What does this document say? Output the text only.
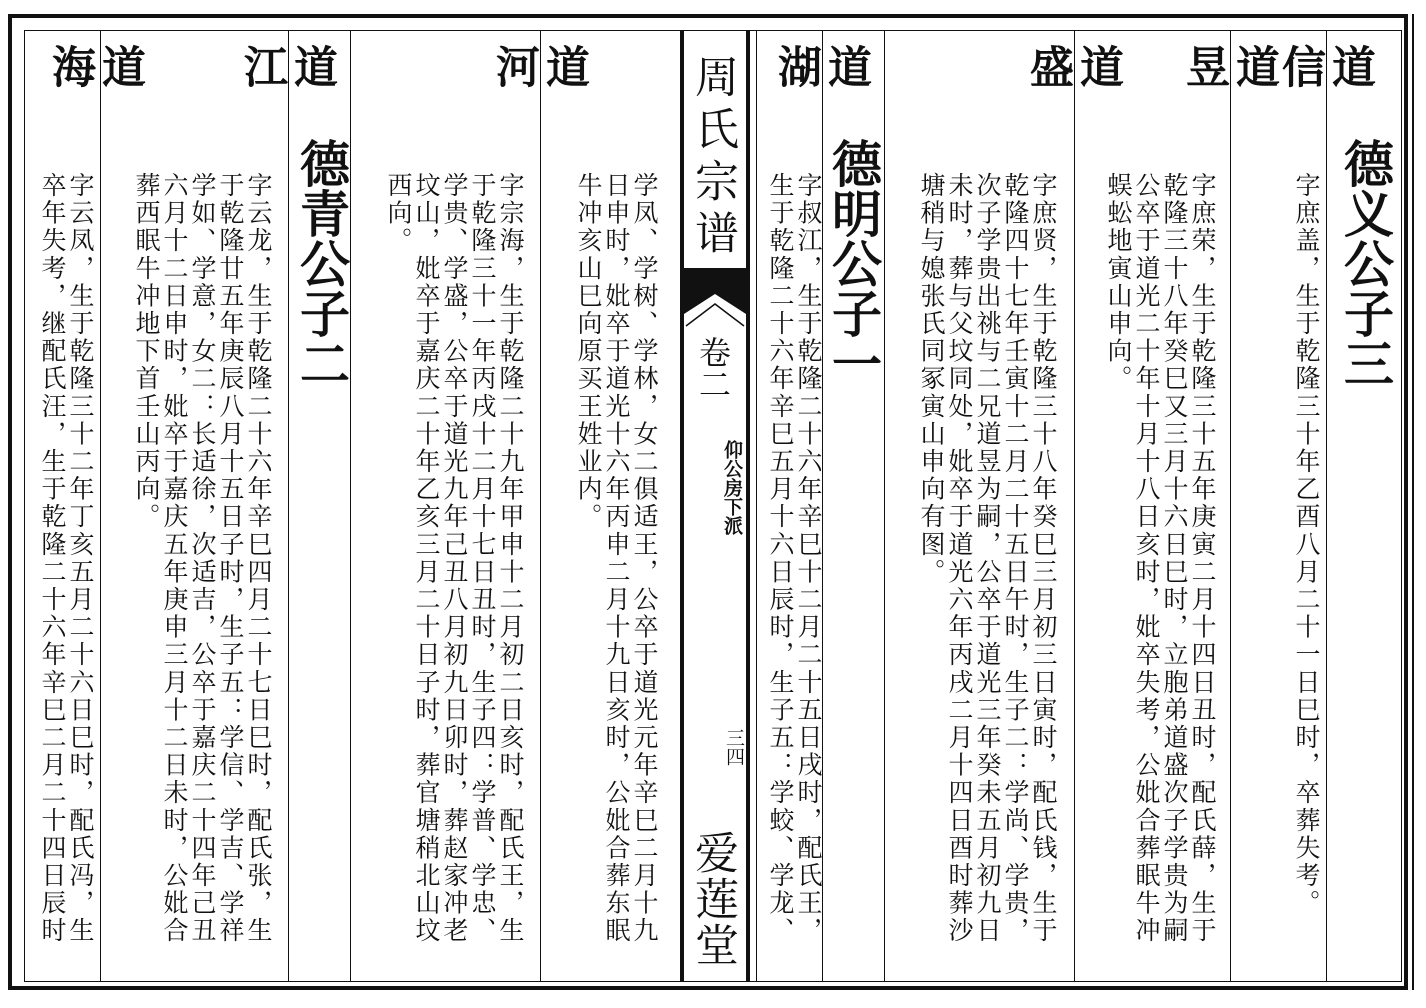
周氏宗谱
卷二
仰公房下派
三四
爱莲堂
道
信
德义公子三
字庶盖，生于乾隆三十年乙酉八月二十一日巳时，卒葬失考。
道
昱
字庶荣，生于乾隆三十五年庚寅二月十四日丑时，配氏薛，生于
乾隆三十八年癸巳又三月十六日巳时，立胞弟道盛次子学贵为嗣
公卒于道光二十年十月十八日亥时，妣卒失考，公妣合葬眠牛冲
蜈蚣地寅山申向。
道
盛
字庶贤，生于乾隆三十八年癸巳三月初三日寅时，配氏钱，生于
乾隆四十七年壬寅十二月二十五日午时，生子二：学尚、学贵，
次子学贵出祧与二兄道昱为嗣，公卒于道光三年癸未五月初九日
未时，葬与父坟同处，妣卒于道光六年丙戌二月十四日酉时葬沙
塘稍与媳张氏同冢寅山申向有图。
德明公子一
道
湖
字叔江，生于乾隆二十六年辛巳十二月二十五日戌时，配氏王，
生于乾隆二十六年辛巳五月十六日辰时，生子五：学蛟、学龙、
学凤、学树、学林，女二俱适王，公卒于道光元年辛巳二月十九
日申时，妣卒于道光十六年丙申二月十九日亥时，公妣合葬东眠
牛冲亥山巳向原买王姓业内。
道
河
字宗海，生于乾隆二十九年甲申十二月初二日亥时，配氏王，生
于乾隆三十一年丙戌十二月十七日丑时，生子四：学普、学忠、
学贵、学盛，公卒于道光九年己丑八月初九日卯时，葬赵家冲老
坟山，妣卒于嘉庆二十年乙亥三月二十日子时，葬官塘稍北山坟
西向。
德青公子二
道
江
字云龙，生于乾隆二十六年辛巳四月二十七日巳时，配氏张，生
于乾隆廿五年庚辰八月十五日子时，生子五：学信、学吉、学祥
学如、学意，女二：长适徐，次适吉，公卒于嘉庆二十四年己丑
六月十二日申时，妣卒于嘉庆五年庚申三月十二日未时，公妣合
葬西眠牛冲地下首壬山丙向。
道
海
字云凤，生于乾隆三十二年丁亥五月二十六日巳时，配氏冯，生
卒年失考，继配氏汪，生于乾隆二十六年辛巳二月二十四日辰时
